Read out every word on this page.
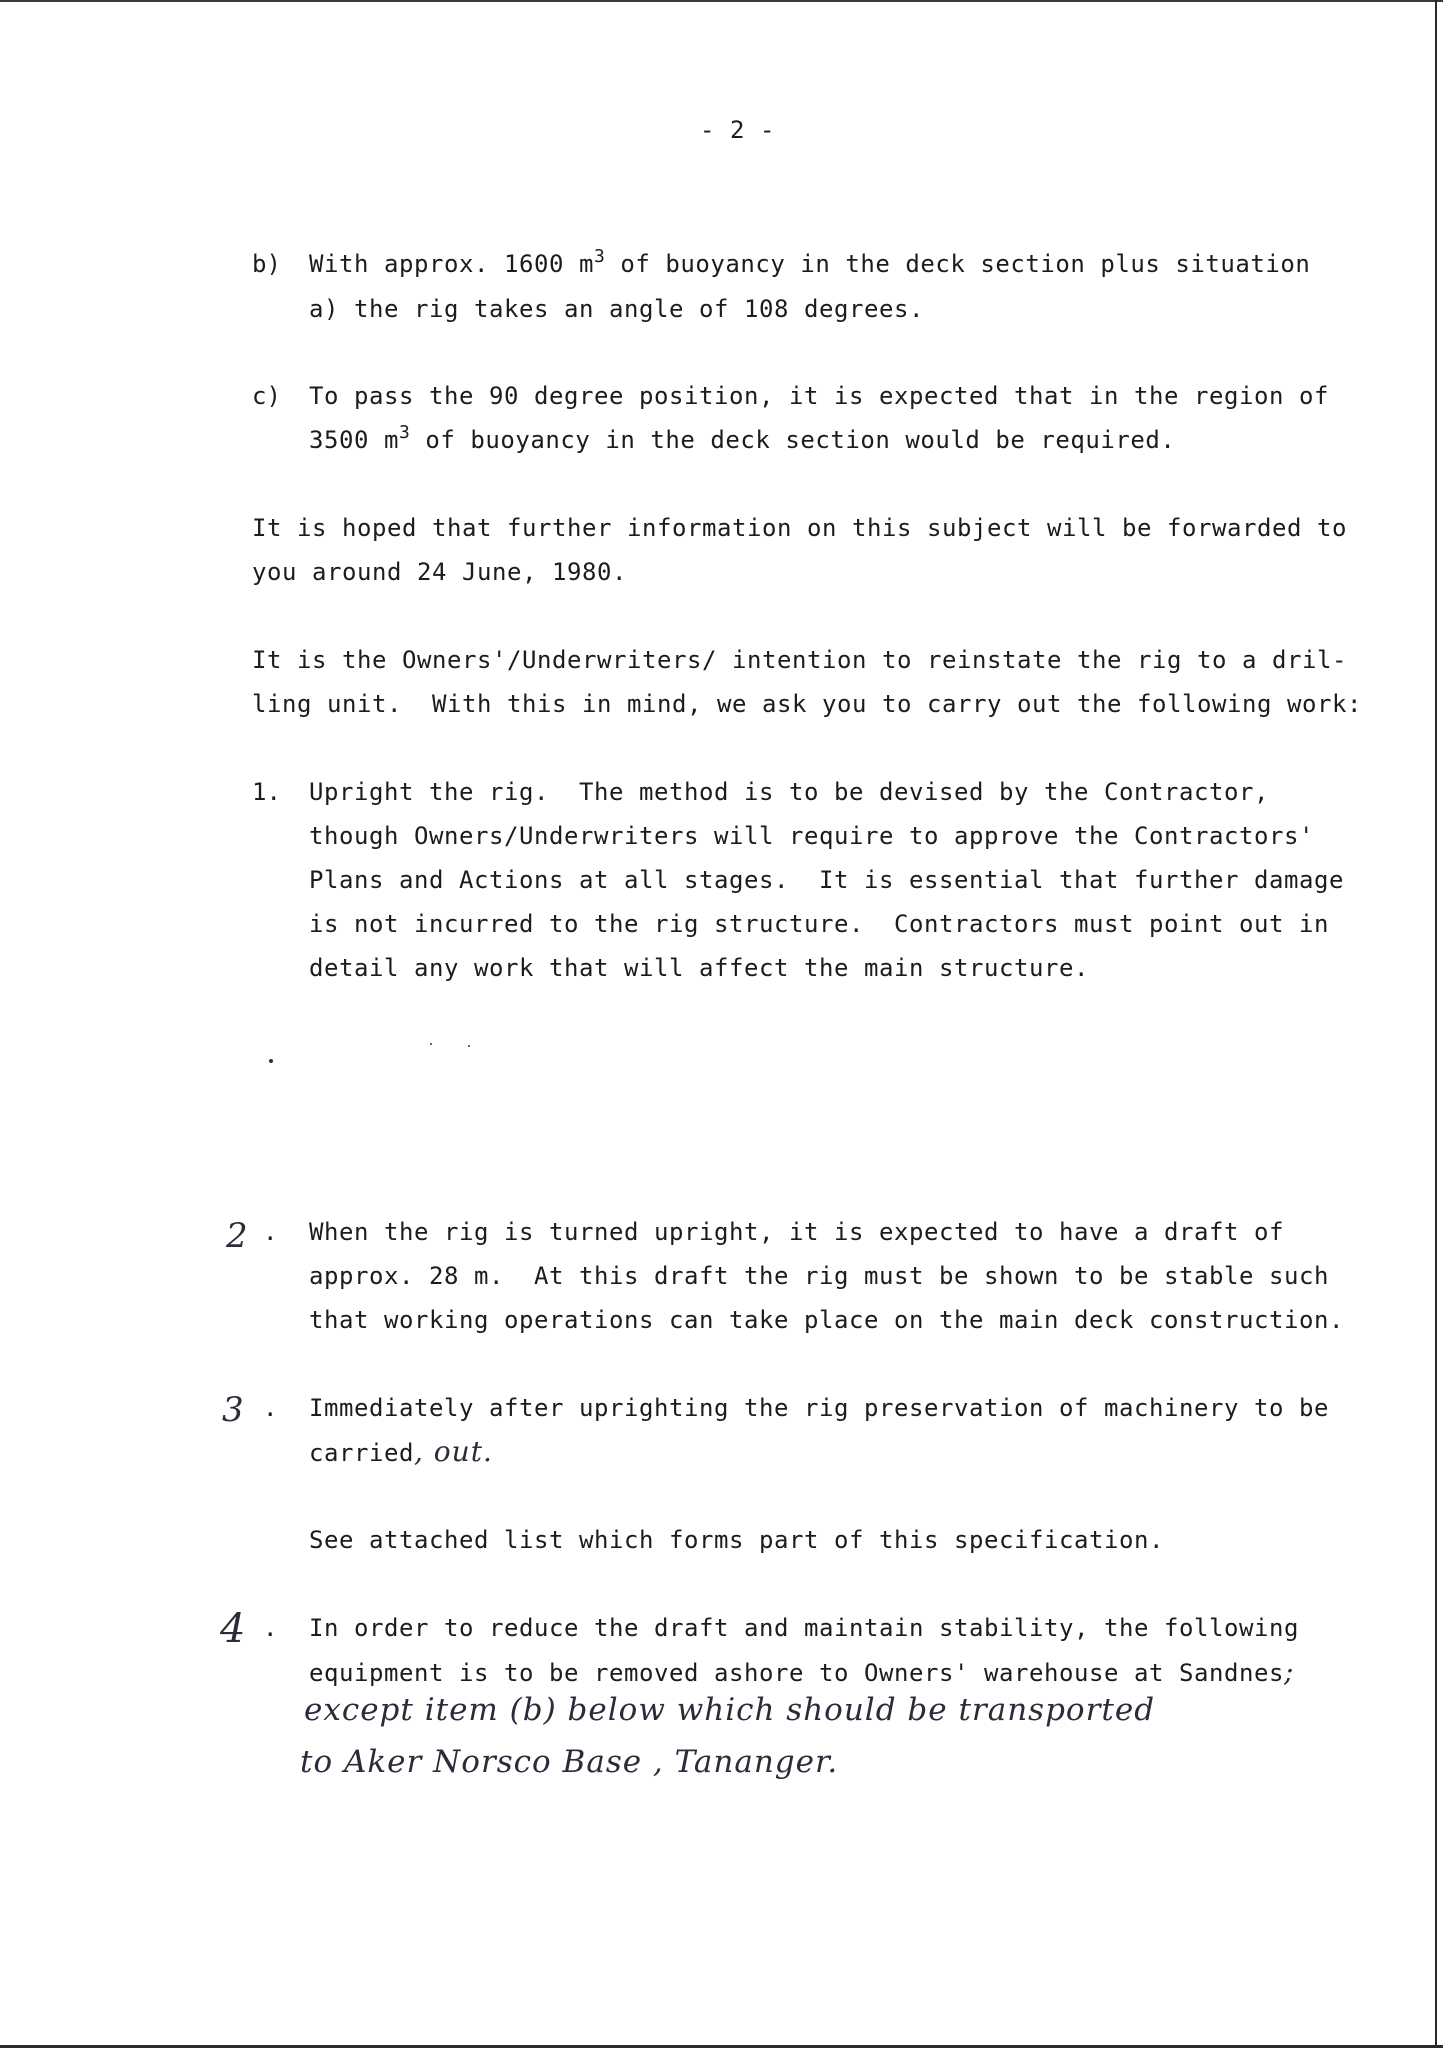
- 2 -
b) With approx. 1600 $m^3$ of buoyancy in the deck section plus situation
a) the rig takes an angle of 108 degrees.
c) To pass the 90 degree position, it is expected that in the region of
3500 $m^3$ of buoyancy in the deck section would be required.
It is hoped that further information on this subject will be forwarded to
you around 24 June, 1980.
It is the Owners'/Underwriters/ intention to reinstate the rig to a dril-
ling unit.  With this in mind, we ask you to carry out the following work:
1. Upright the rig.  The method is to be devised by the Contractor,
though Owners/Underwriters will require to approve the Contractors'
Plans and Actions at all stages.  It is essential that further damage
is not incurred to the rig structure.  Contractors must point out in
detail any work that will affect the main structure.
2 . When the rig is turned upright, it is expected to have a draft of
approx. 28 m.  At this draft the rig must be shown to be stable such
that working operations can take place on the main deck construction.
3 . Immediately after uprighting the rig preservation of machinery to be
carried, out.
See attached list which forms part of this specification.
4 . In order to reduce the draft and maintain stability, the following
equipment is to be removed ashore to Owners' warehouse at Sandnes;
except item (b) below which should be transported
to Aker Norsco Base , Tananger.
